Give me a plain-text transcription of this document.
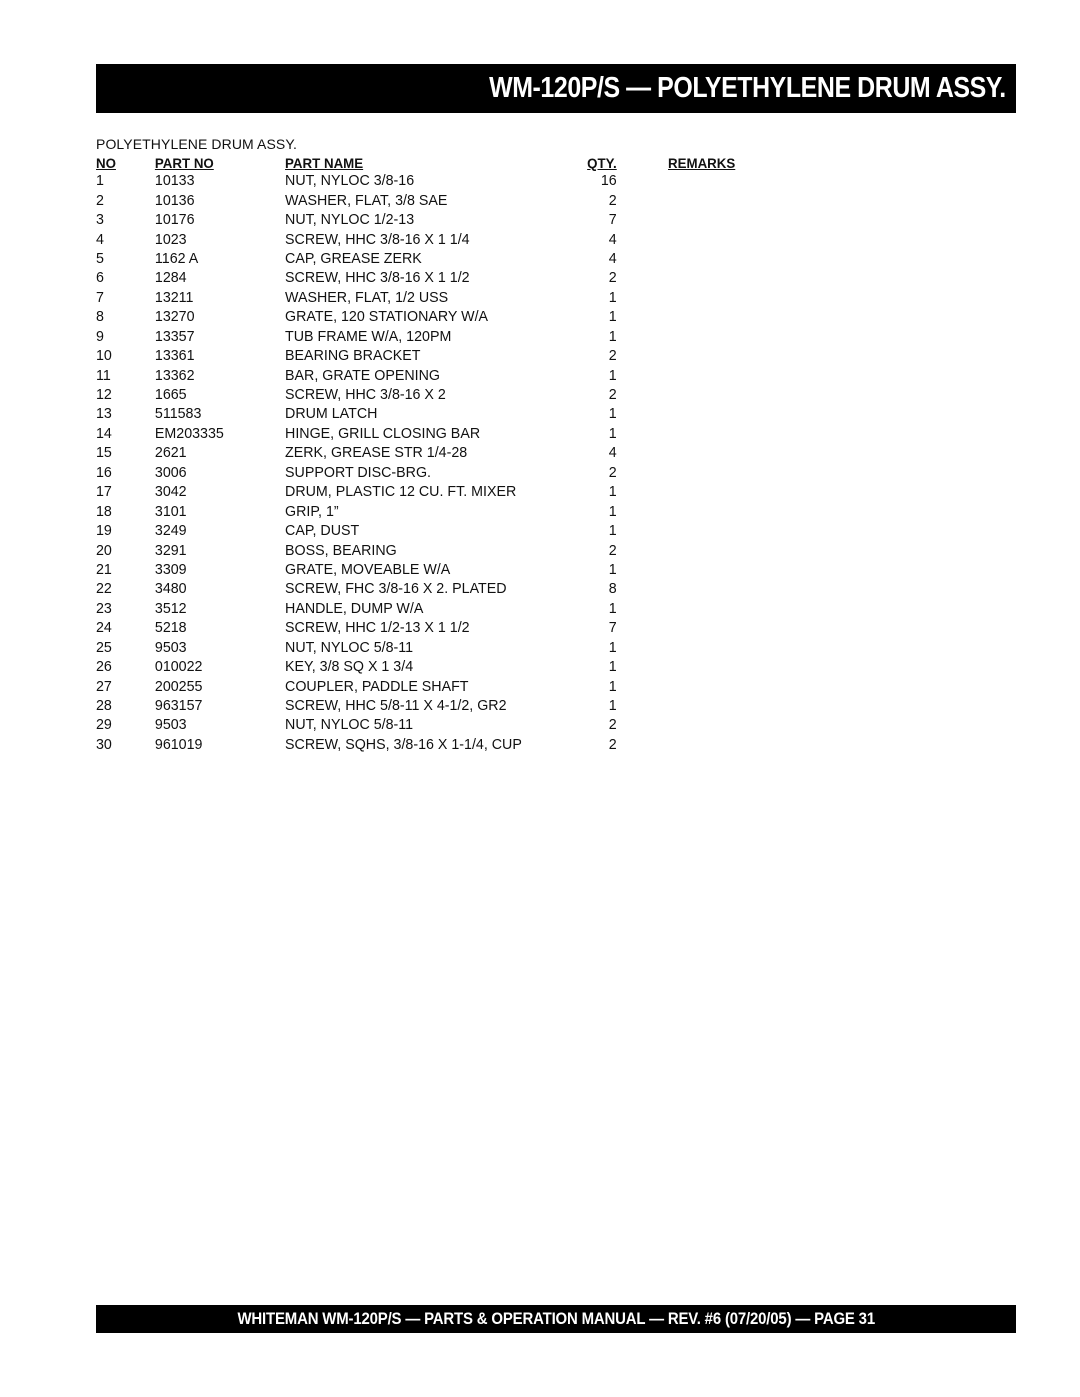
WM-120P/S — POLYETHYLENE DRUM ASSY.
POLYETHYLENE DRUM ASSY.
NO	PART NO	PART NAME	QTY.		REMARKS
1	10133	NUT, NYLOC 3/8-16	16		
2	10136	WASHER, FLAT, 3/8 SAE	2		
3	10176	NUT, NYLOC 1/2-13	7		
4	1023	SCREW, HHC 3/8-16 X 1 1/4	4		
5	1162 A	CAP, GREASE ZERK	4		
6	1284	SCREW, HHC 3/8-16 X 1 1/2	2		
7	13211	WASHER, FLAT, 1/2 USS	1		
8	13270	GRATE, 120 STATIONARY W/A	1		
9	13357	TUB FRAME W/A, 120PM	1		
10	13361	BEARING BRACKET	2		
11	13362	BAR, GRATE OPENING	1		
12	1665	SCREW, HHC 3/8-16 X 2	2		
13	511583	DRUM LATCH	1		
14	EM203335	HINGE, GRILL CLOSING BAR	1		
15	2621	ZERK, GREASE STR 1/4-28	4		
16	3006	SUPPORT DISC-BRG.	2		
17	3042	DRUM, PLASTIC 12 CU. FT. MIXER	1		
18	3101	GRIP, 1”	1		
19	3249	CAP, DUST	1		
20	3291	BOSS, BEARING	2		
21	3309	GRATE, MOVEABLE W/A	1		
22	3480	SCREW, FHC 3/8-16 X 2. PLATED	8		
23	3512	HANDLE, DUMP W/A	1		
24	5218	SCREW, HHC 1/2-13 X 1 1/2	7		
25	9503	NUT, NYLOC 5/8-11	1		
26	010022	KEY, 3/8 SQ X 1 3/4	1		
27	200255	COUPLER, PADDLE SHAFT	1		
28	963157	SCREW, HHC 5/8-11 X 4-1/2, GR2	1		
29	9503	NUT, NYLOC 5/8-11	2		
30	961019	SCREW, SQHS, 3/8-16 X 1-1/4, CUP	2		
WHITEMAN WM-120P/S — PARTS & OPERATION MANUAL — REV. #6 (07/20/05) — PAGE 31
